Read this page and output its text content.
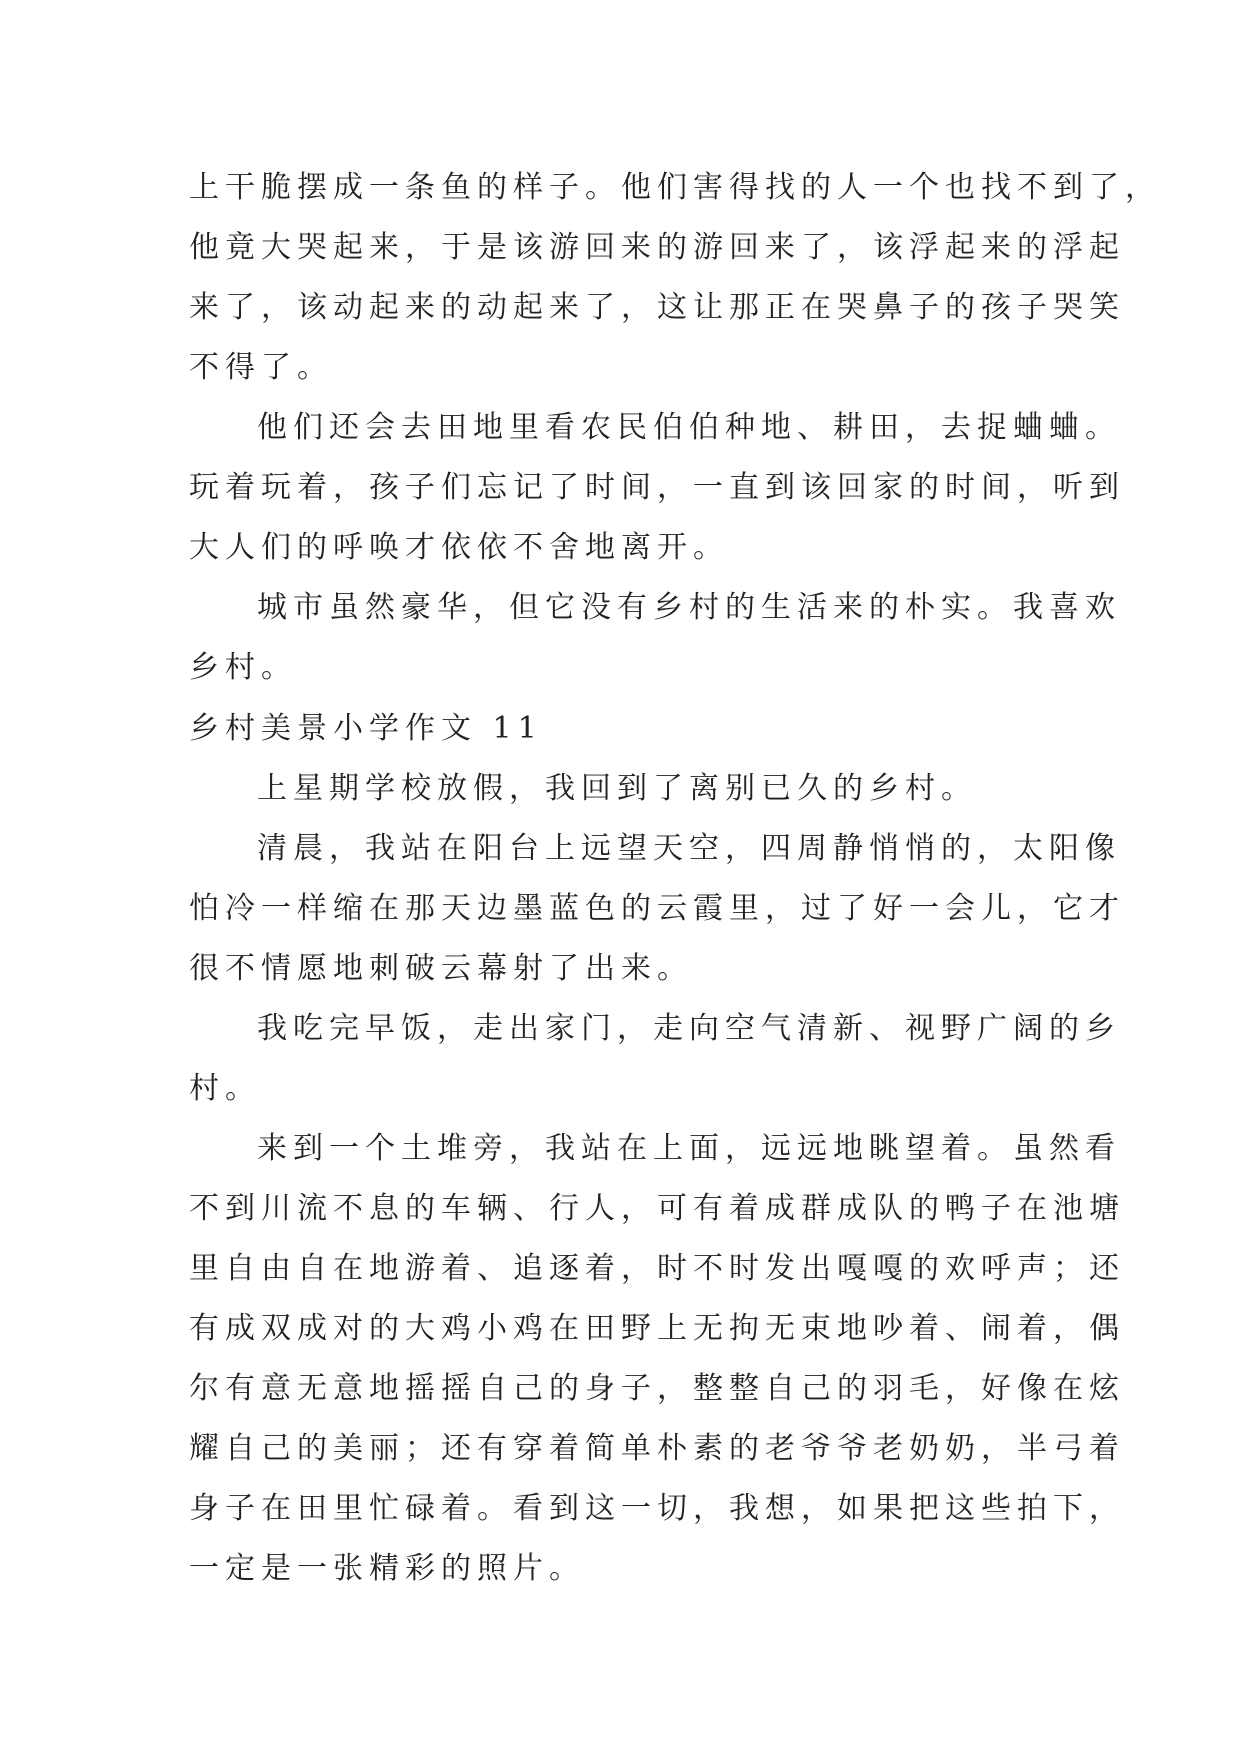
上干脆摆成一条鱼的样子。他们害得找的人一个也找不到了，
他竟大哭起来，于是该游回来的游回来了，该浮起来的浮起
来了，该动起来的动起来了，这让那正在哭鼻子的孩子哭笑
不得了。
他们还会去田地里看农民伯伯种地、耕田，去捉蛐蛐。
玩着玩着，孩子们忘记了时间，一直到该回家的时间，听到
大人们的呼唤才依依不舍地离开。
城市虽然豪华，但它没有乡村的生活来的朴实。我喜欢
乡村。
乡村美景小学作文 11
上星期学校放假，我回到了离别已久的乡村。
清晨，我站在阳台上远望天空，四周静悄悄的，太阳像
怕冷一样缩在那天边墨蓝色的云霞里，过了好一会儿，它才
很不情愿地刺破云幕射了出来。
我吃完早饭，走出家门，走向空气清新、视野广阔的乡
村。
来到一个土堆旁，我站在上面，远远地眺望着。虽然看
不到川流不息的车辆、行人，可有着成群成队的鸭子在池塘
里自由自在地游着、追逐着，时不时发出嘎嘎的欢呼声；还
有成双成对的大鸡小鸡在田野上无拘无束地吵着、闹着，偶
尔有意无意地摇摇自己的身子，整整自己的羽毛，好像在炫
耀自己的美丽；还有穿着简单朴素的老爷爷老奶奶，半弓着
身子在田里忙碌着。看到这一切，我想，如果把这些拍下，
一定是一张精彩的照片。
